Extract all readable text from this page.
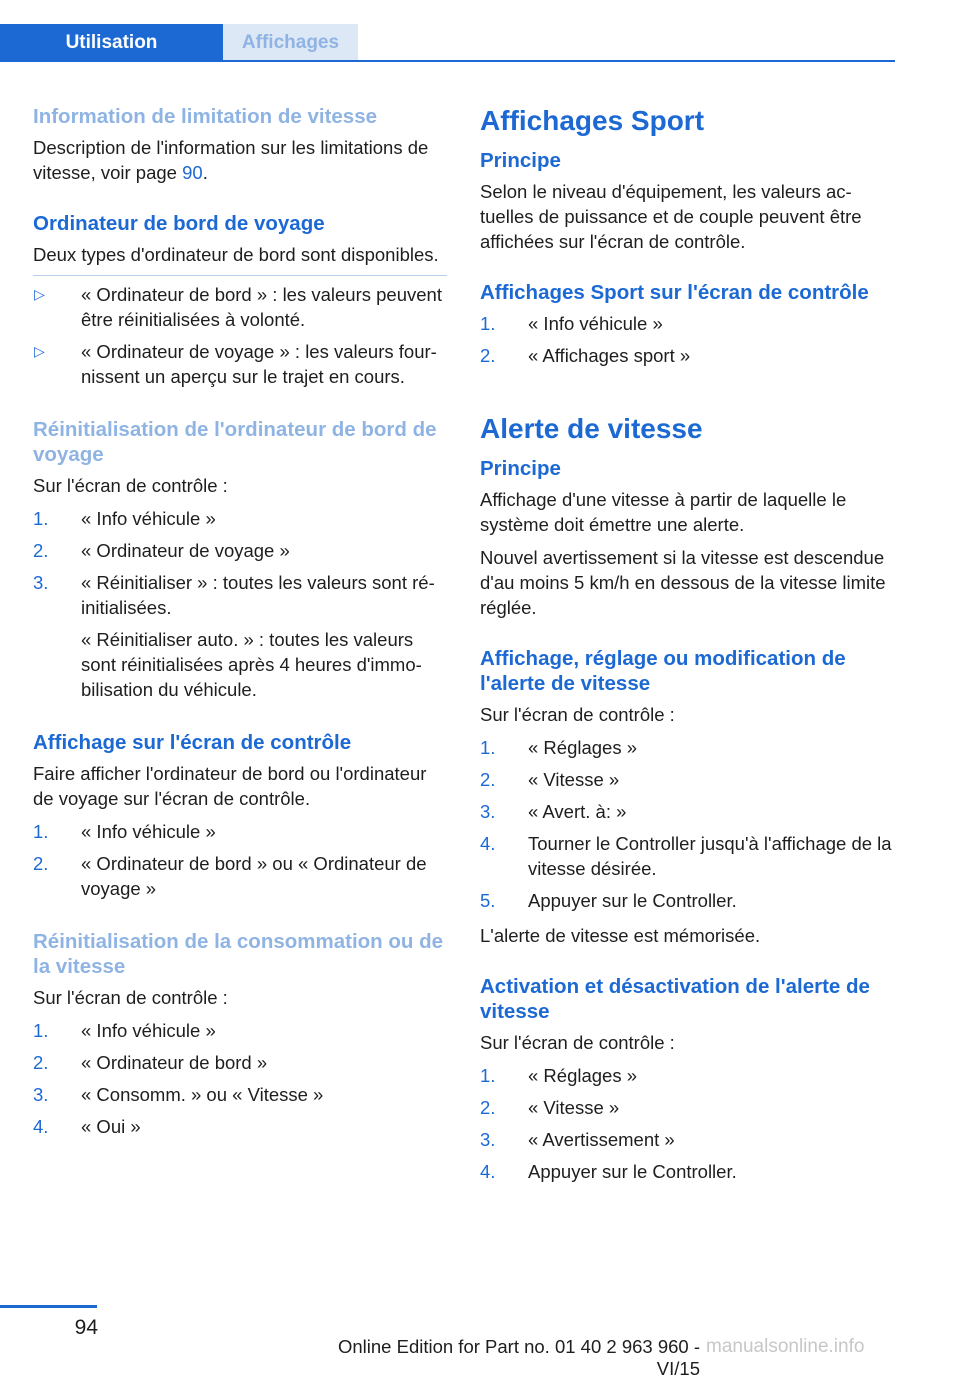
Utilisation	Affichages
Information de limitation de vitesse
Description de l'information sur les limitations de vitesse, voir page 90.
Ordinateur de bord de voyage
Deux types d'ordinateur de bord sont disponibles.
▷ « Ordinateur de bord » : les valeurs peuvent être réinitialisées à volonté.
▷ « Ordinateur de voyage » : les valeurs fournissent un aperçu sur le trajet en cours.
Réinitialisation de l'ordinateur de bord de voyage
Sur l'écran de contrôle :
1. « Info véhicule »
2. « Ordinateur de voyage »
3. « Réinitialiser » : toutes les valeurs sont réinitialisées.
« Réinitialiser auto. » : toutes les valeurs sont réinitialisées après 4 heures d'immobilisation du véhicule.
Affichage sur l'écran de contrôle
Faire afficher l'ordinateur de bord ou l'ordinateur de voyage sur l'écran de contrôle.
1. « Info véhicule »
2. « Ordinateur de bord » ou « Ordinateur de voyage »
Réinitialisation de la consommation ou de la vitesse
Sur l'écran de contrôle :
1. « Info véhicule »
2. « Ordinateur de bord »
3. « Consomm. » ou « Vitesse »
4. « Oui »
Affichages Sport
Principe
Selon le niveau d'équipement, les valeurs actuelles de puissance et de couple peuvent être affichées sur l'écran de contrôle.
Affichages Sport sur l'écran de contrôle
1. « Info véhicule »
2. « Affichages sport »
Alerte de vitesse
Principe
Affichage d'une vitesse à partir de laquelle le système doit émettre une alerte.
Nouvel avertissement si la vitesse est descendue d'au moins 5 km/h en dessous de la vitesse limite réglée.
Affichage, réglage ou modification de l'alerte de vitesse
Sur l'écran de contrôle :
1. « Réglages »
2. « Vitesse »
3. « Avert. à: »
4. Tourner le Controller jusqu'à l'affichage de la vitesse désirée.
5. Appuyer sur le Controller.
L'alerte de vitesse est mémorisée.
Activation et désactivation de l'alerte de vitesse
Sur l'écran de contrôle :
1. « Réglages »
2. « Vitesse »
3. « Avertissement »
4. Appuyer sur le Controller.
94
Online Edition for Part no. 01 40 2 963 960 - VI/15
manualsonline.info
